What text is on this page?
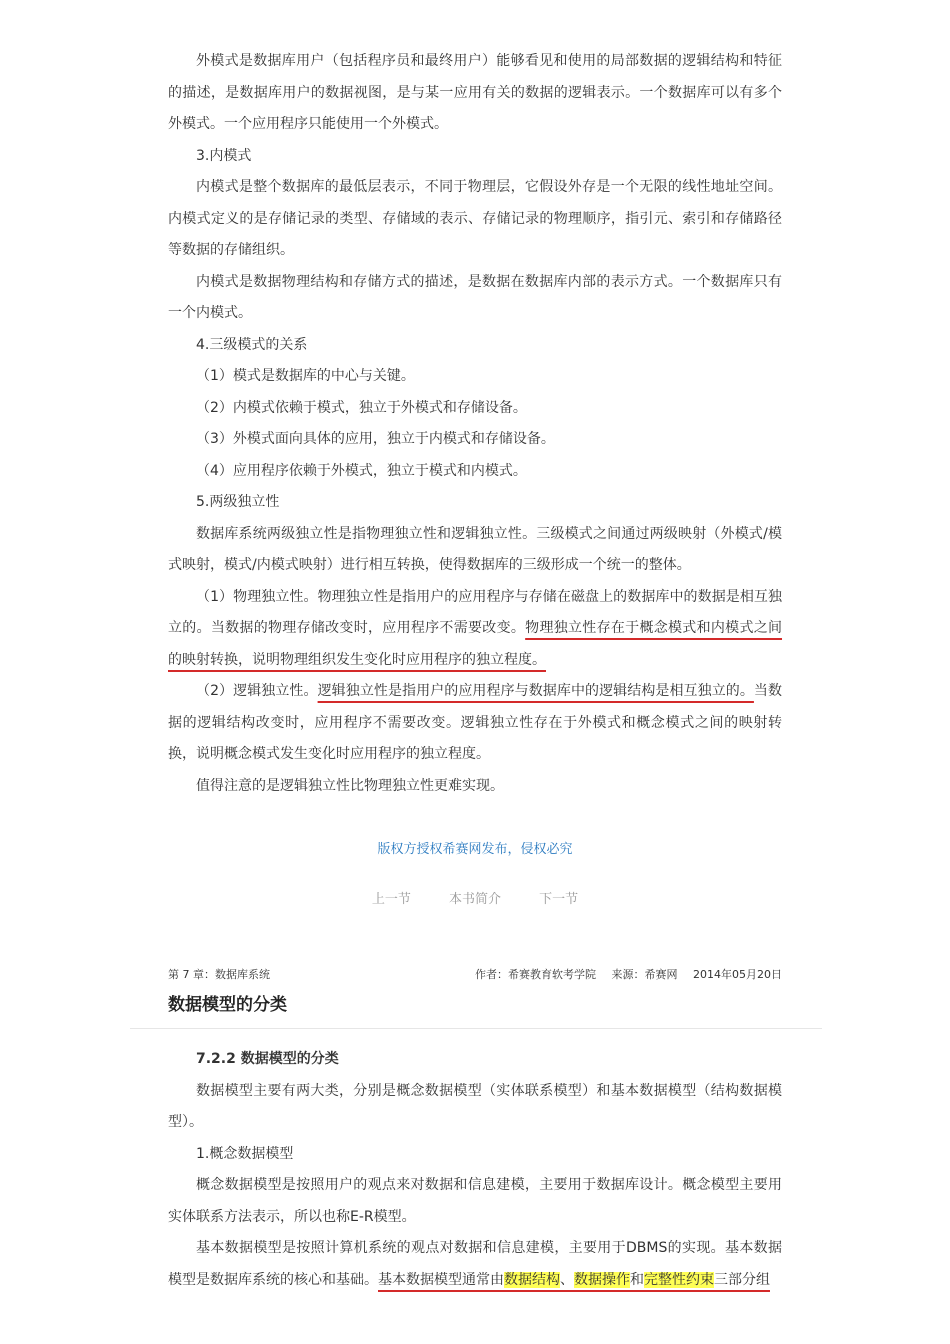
外模式是数据库用户（包括程序员和最终用户）能够看见和使用的局部数据的逻辑结构和特征的描述，是数据库用户的数据视图，是与某一应用有关的数据的逻辑表示。一个数据库可以有多个外模式。一个应用程序只能使用一个外模式。

3.内模式

内模式是整个数据库的最低层表示，不同于物理层，它假设外存是一个无限的线性地址空间。内模式定义的是存储记录的类型、存储域的表示、存储记录的物理顺序，指引元、索引和存储路径等数据的存储组织。

内模式是数据物理结构和存储方式的描述，是数据在数据库内部的表示方式。一个数据库只有一个内模式。

4.三级模式的关系

（1）模式是数据库的中心与关键。

（2）内模式依赖于模式，独立于外模式和存储设备。

（3）外模式面向具体的应用，独立于内模式和存储设备。

（4）应用程序依赖于外模式，独立于模式和内模式。

5.两级独立性

数据库系统两级独立性是指物理独立性和逻辑独立性。三级模式之间通过两级映射（外模式/模式映射，模式/内模式映射）进行相互转换，使得数据库的三级形成一个统一的整体。

（1）物理独立性。物理独立性是指用户的应用程序与存储在磁盘上的数据库中的数据是相互独立的。当数据的物理存储改变时，应用程序不需要改变。物理独立性存在于概念模式和内模式之间的映射转换，说明物理组织发生变化时应用程序的独立程度。

（2）逻辑独立性。逻辑独立性是指用户的应用程序与数据库中的逻辑结构是相互独立的。当数据的逻辑结构改变时，应用程序不需要改变。逻辑独立性存在于外模式和概念模式之间的映射转换，说明概念模式发生变化时应用程序的独立程度。

值得注意的是逻辑独立性比物理独立性更难实现。

版权方授权希赛网发布，侵权必究
上一节	本书简介	下一节
第 7 章：数据库系统	作者：希赛教育软考学院 来源：希赛网 2014年05月20日
数据模型的分类

7.2.2 数据模型的分类

数据模型主要有两大类，分别是概念数据模型（实体联系模型）和基本数据模型（结构数据模型）。

1.概念数据模型

概念数据模型是按照用户的观点来对数据和信息建模，主要用于数据库设计。概念模型主要用实体联系方法表示，所以也称E-R模型。

基本数据模型是按照计算机系统的观点对数据和信息建模，主要用于DBMS的实现。基本数据模型是数据库系统的核心和基础。基本数据模型通常由数据结构、数据操作和完整性约束三部分组
